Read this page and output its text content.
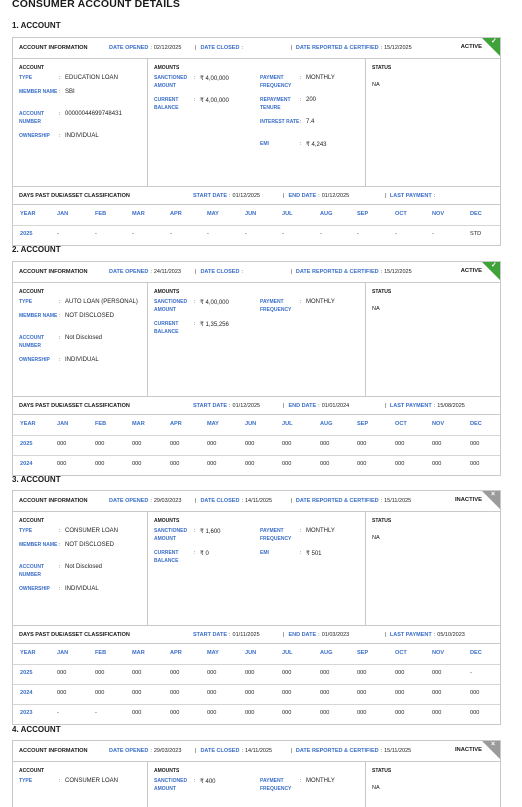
CONSUMER ACCOUNT DETAILS
1. ACCOUNT
ACCOUNT INFORMATION	DATE OPENED : 02/12/2025	| DATE CLOSED :	| DATE REPORTED & CERTIFIED : 15/12/2025	ACTIVE
✓
ACCOUNT
TYPE	: EDUCATION LOAN
MEMBER NAME : SBI
ACCOUNT NUMBER
: 000000446997484З1
OWNERSHIP	: INDIVIDUAL
AMOUNTS
SANCTIONED AMOUNT
: ₹ 4,00,000
CURRENT BALANCE
: ₹ 4,00,000
PAYMENT FREQUENCY
: MONTHLY
REPAYMENT TENURE
: 200
INTEREST RATE : 7.4
EMI	: ₹ 4,243
STATUS
NA
DAYS PAST DUE/ASSET CLASSIFICATION	START DATE : 01/12/2025	| END DATE : 01/12/2025	| LAST PAYMENT :
YEAR	JAN	FEB	MAR	APR	MAY	JUN	JUL	AUG	SEP	OCT	NOV	DEC
2025	-	-	-	-	-	-	-	-	-	-	-	STD
2. ACCOUNT
ACCOUNT INFORMATION	DATE OPENED : 24/11/2023	| DATE CLOSED :	| DATE REPORTED & CERTIFIED : 15/12/2025	ACTIVE
✓
ACCOUNT
TYPE	: AUTO LOAN (PERSONAL)
MEMBER NAME : NOT DISCLOSED
ACCOUNT NUMBER
: Not Disclosed
OWNERSHIP	: INDIVIDUAL
AMOUNTS
SANCTIONED AMOUNT
: ₹ 4,00,000
CURRENT BALANCE
: ₹ 1,35,256
PAYMENT FREQUENCY
: MONTHLY
STATUS
NA
DAYS PAST DUE/ASSET CLASSIFICATION	START DATE : 01/12/2025	| END DATE : 01/01/2024	| LAST PAYMENT : 15/08/2025
YEAR	JAN	FEB	MAR	APR	MAY	JUN	JUL	AUG	SEP	OCT	NOV	DEC
2025	000	000	000	000	000	000	000	000	000	000	000	000
2024	000	000	000	000	000	000	000	000	000	000	000	000
3. ACCOUNT
ACCOUNT INFORMATION	DATE OPENED : 29/03/2023	| DATE CLOSED : 14/11/2025	| DATE REPORTED & CERTIFIED : 15/11/2025	INACTIVE
×
ACCOUNT
TYPE	: CONSUMER LOAN
MEMBER NAME : NOT DISCLOSED
ACCOUNT NUMBER
: Not Disclosed
OWNERSHIP	: INDIVIDUAL
AMOUNTS
SANCTIONED AMOUNT
: ₹ 1,600
CURRENT BALANCE
: ₹ 0
PAYMENT FREQUENCY
: MONTHLY
EMI	: ₹ 501
STATUS
NA
DAYS PAST DUE/ASSET CLASSIFICATION	START DATE : 01/11/2025	| END DATE : 01/03/2023	| LAST PAYMENT : 05/10/2023
YEAR	JAN	FEB	MAR	APR	MAY	JUN	JUL	AUG	SEP	OCT	NOV	DEC
2025	000	000	000	000	000	000	000	000	000	000	000	-
2024	000	000	000	000	000	000	000	000	000	000	000	000
2023	-	-	000	000	000	000	000	000	000	000	000	000
4. ACCOUNT
ACCOUNT INFORMATION	DATE OPENED : 29/03/2023	| DATE CLOSED : 14/11/2025	| DATE REPORTED & CERTIFIED : 15/11/2025	INACTIVE
×
ACCOUNT
TYPE	: CONSUMER LOAN
AMOUNTS
SANCTIONED AMOUNT
: ₹ 400	PAYMENT FREQUENCY
: MONTHLY
STATUS
NA
